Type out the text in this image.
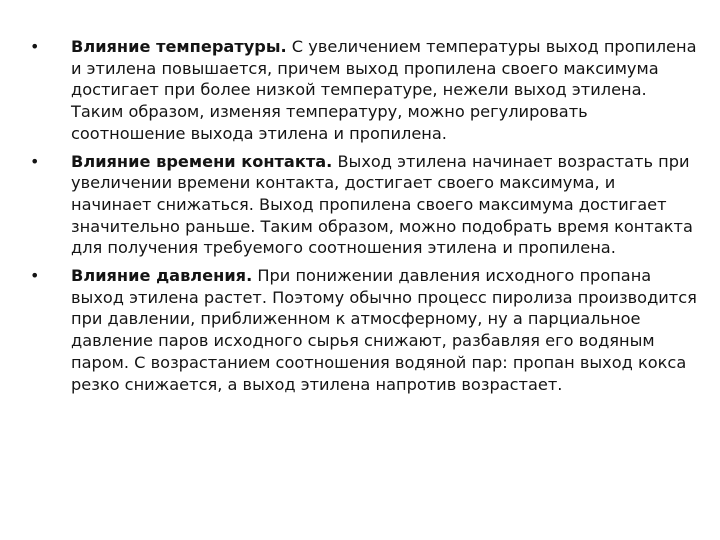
•	Влияние температуры. С увеличением температуры выход пропилена и этилена повышается, причем выход пропилена своего максимума достигает при более низкой температуре, нежели выход этилена. Таким образом, изменяя температуру, можно регулировать соотношение выхода этилена и пропилена.
•	Влияние времени контакта. Выход этилена начинает возрастать при увеличении времени контакта, достигает своего максимума, и начинает снижаться. Выход пропилена своего максимума достигает значительно раньше. Таким образом, можно подобрать время контакта для получения требуемого соотношения этилена и пропилена.
•	Влияние давления. При понижении давления исходного пропана выход этилена растет. Поэтому обычно процесс пиролиза производится при давлении, приближенном к атмосферному, ну а парциальное давление паров исходного сырья снижают, разбавляя его водяным паром. С возрастанием соотношения водяной пар: пропан выход кокса резко снижается, а выход этилена напротив возрастает.
